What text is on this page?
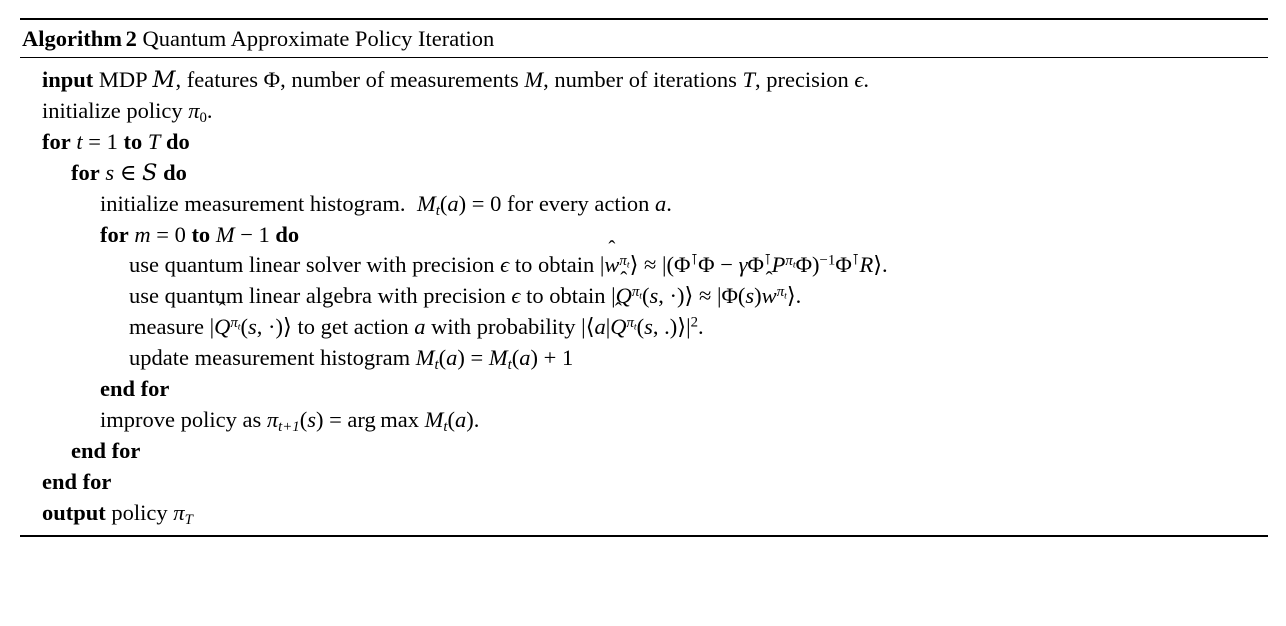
Algorithm 2 Quantum Approximate Policy Iteration
input MDP M, features Φ, number of measurements M, number of iterations T, precision ϵ.
initialize policy $\pi_0$.
for t = 1 to T do
for s ∈ S do
initialize measurement histogram. $M_t(a) = 0$ for every action a.
for m = 0 to M − 1 do
use quantum linear solver with precision ϵ to obtain |
$w^{\pi_t}⟩ \approx |(\Phi^⊺\Phi$ − $\gamma\Phi^⊺P^{\pi_t}\Phi)^{-1}\Phi^⊺R⟩$.
use quantum linear algebra with precision ϵ to obtain |
$Q^{\pi_t}(s$, ·)⟩ ≈ |Φ(s)
$w^{\pi_t}⟩$.
measure |
$Q^{\pi_t}(s$, ·)⟩ to get action a with probability |⟨a|
$Q^{\pi_t}(s$, $.)⟩|^2$.
update measurement histogram $M_t(a) = M_t(a) + 1$
end for
improve policy as $\pi_{t+1}(s)$ = arg $\max M_t(a)$.
end for
end for
output policy $\pi_T$
